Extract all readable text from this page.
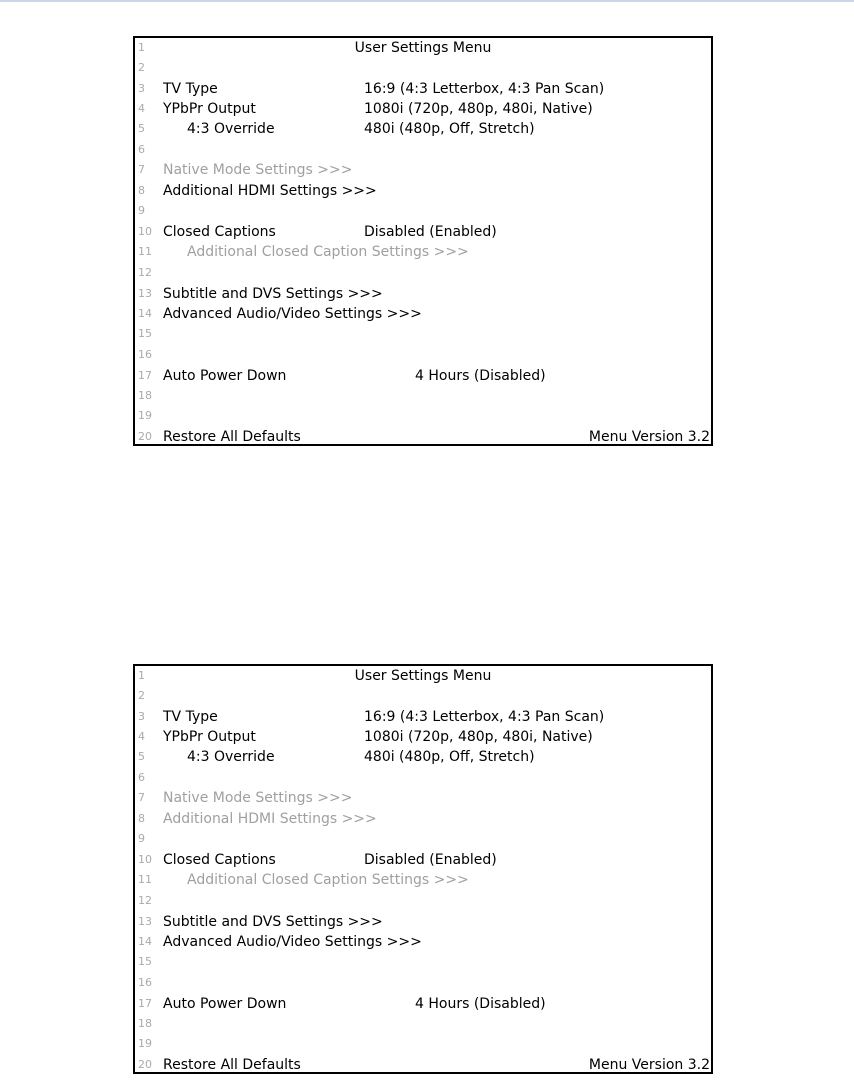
1	User Settings Menu
2
3 TV Type	16:9 (4:3 Letterbox, 4:3 Pan Scan)
4 YPbPr Output	1080i (720p, 480p, 480i, Native)
5	4:3 Override	480i (480p, Off, Stretch)
6
7 Native Mode Settings >>>
8 Additional HDMI Settings >>>
9
10 Closed Captions	Disabled (Enabled)
11	Additional Closed Caption Settings >>>
12
13 Subtitle and DVS Settings >>>
14 Advanced Audio/Video Settings >>>
15
16
17 Auto Power Down	4 Hours (Disabled)
18
19
20 Restore All Defaults	Menu Version 3.2
1	User Settings Menu
2
3 TV Type	16:9 (4:3 Letterbox, 4:3 Pan Scan)
4 YPbPr Output	1080i (720p, 480p, 480i, Native)
5	4:3 Override	480i (480p, Off, Stretch)
6
7 Native Mode Settings >>>
8 Additional HDMI Settings >>>
9
10 Closed Captions	Disabled (Enabled)
11	Additional Closed Caption Settings >>>
12
13 Subtitle and DVS Settings >>>
14 Advanced Audio/Video Settings >>>
15
16
17 Auto Power Down	4 Hours (Disabled)
18
19
20 Restore All Defaults	Menu Version 3.2
